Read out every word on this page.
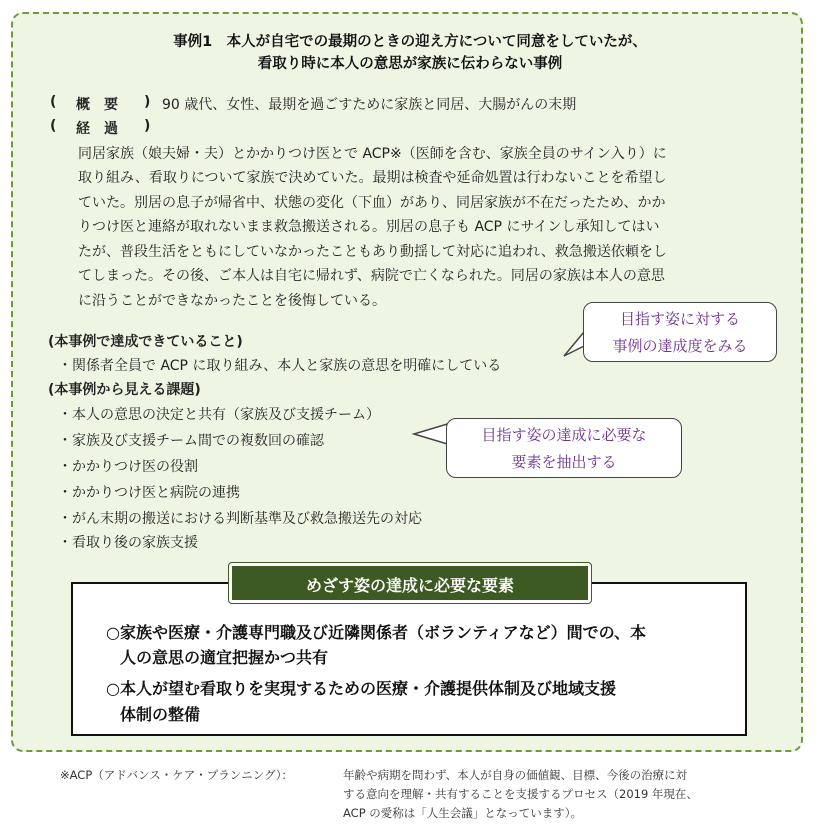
事例1　本人が自宅での最期のときの迎え方について同意をしていたが、
看取り時に本人の意思が家族に伝わらない事例
( 概　要 ) 90 歳代、女性、最期を過ごすために家族と同居、大腸がんの末期
( 経　過 )
同居家族（娘夫婦・夫）とかかりつけ医とで ACP※（医師を含む、家族全員のサイン入り）に
取り組み、看取りについて家族で決めていた。最期は検査や延命処置は行わないことを希望し
ていた。別居の息子が帰省中、状態の変化（下血）があり、同居家族が不在だったため、かか
りつけ医と連絡が取れないまま救急搬送される。別居の息子も ACP にサインし承知してはい
たが、普段生活をともにしていなかったこともあり動揺して対応に追われ、救急搬送依頼をし
てしまった。その後、ご本人は自宅に帰れず、病院で亡くなられた。同居の家族は本人の意思
に沿うことができなかったことを後悔している。
(本事例で達成できていること)
・関係者全員で ACP に取り組み、本人と家族の意思を明確にしている
(本事例から見える課題)
・本人の意思の決定と共有（家族及び支援チーム）
・家族及び支援チーム間での複数回の確認
・かかりつけ医の役割
・かかりつけ医と病院の連携
・がん末期の搬送における判断基準及び救急搬送先の対応
・看取り後の家族支援
目指す姿に対する
事例の達成度をみる
目指す姿の達成に必要な
要素を抽出する
めざす姿の達成に必要な要素
○家族や医療・介護専門職及び近隣関係者（ボランティアなど）間での、本
人の意思の適宜把握かつ共有
○本人が望む看取りを実現するための医療・介護提供体制及び地域支援
体制の整備
※ACP（アドバンス・ケア・プランニング）：	年齢や病期を問わず、本人が自身の価値観、目標、今後の治療に対
する意向を理解・共有することを支援するプロセス（2019 年現在、
ACP の愛称は「人生会議」となっています）。
